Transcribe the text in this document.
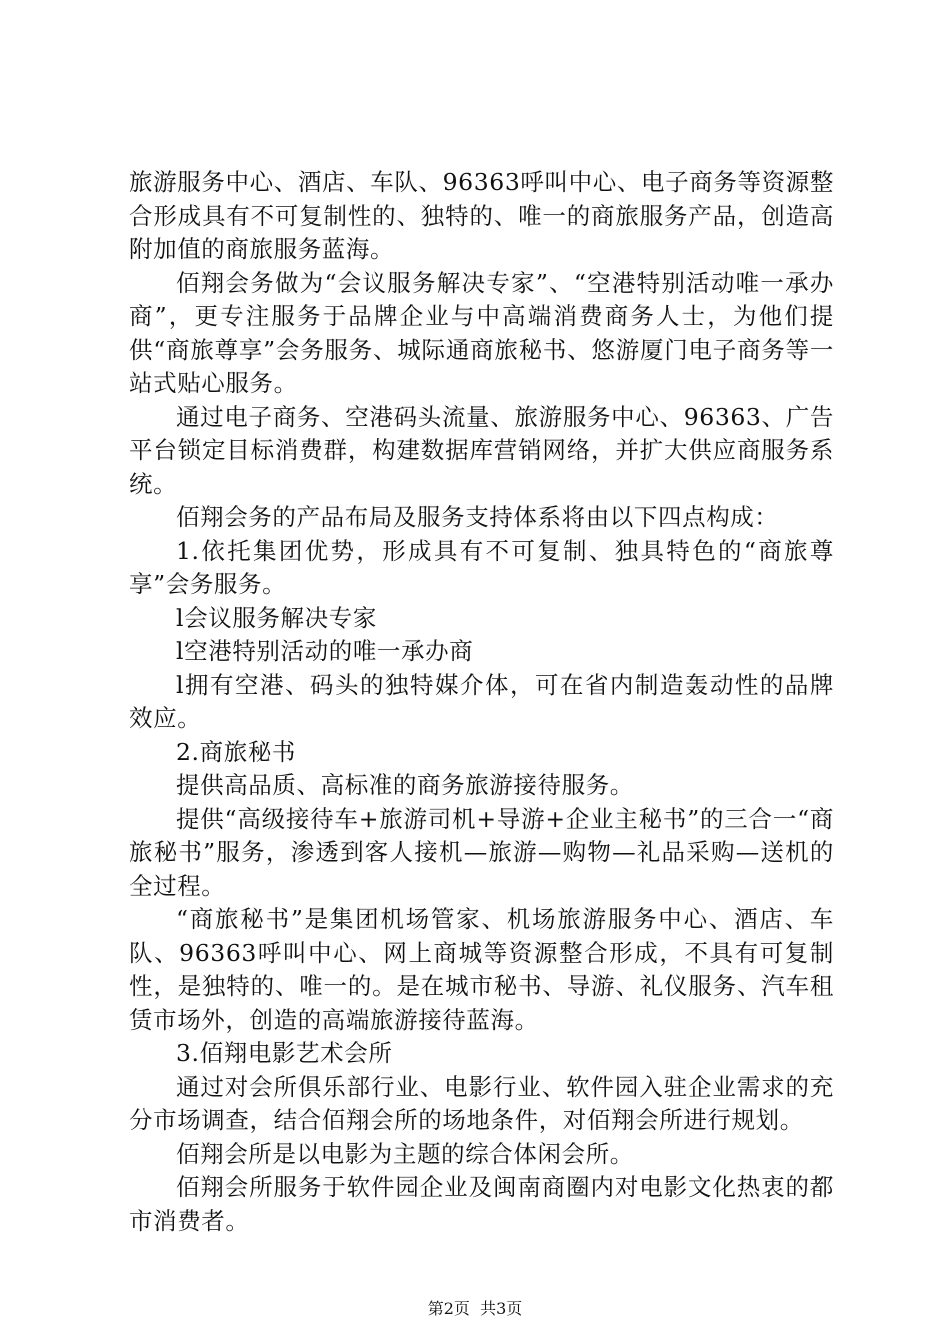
旅游服务中心、酒店、车队、96363呼叫中心、电子商务等资源整合形成具有不可复制性的、独特的、唯一的商旅服务产品，创造高附加值的商旅服务蓝海。

佰翔会务做为“会议服务解决专家”、“空港特别活动唯一承办商”，更专注服务于品牌企业与中高端消费商务人士，为他们提供“商旅尊享”会务服务、城际通商旅秘书、悠游厦门电子商务等一站式贴心服务。

通过电子商务、空港码头流量、旅游服务中心、96363、广告平台锁定目标消费群，构建数据库营销网络，并扩大供应商服务系统。

佰翔会务的产品布局及服务支持体系将由以下四点构成：

1.依托集团优势，形成具有不可复制、独具特色的“商旅尊享”会务服务。

l会议服务解决专家

l空港特别活动的唯一承办商

l拥有空港、码头的独特媒介体，可在省内制造轰动性的品牌效应。

2.商旅秘书

提供高品质、高标准的商务旅游接待服务。

提供“高级接待车+旅游司机+导游+企业主秘书”的三合一“商旅秘书”服务，渗透到客人接机—旅游—购物—礼品采购—送机的全过程。

“商旅秘书”是集团机场管家、机场旅游服务中心、酒店、车队、96363呼叫中心、网上商城等资源整合形成，不具有可复制性，是独特的、唯一的。是在城市秘书、导游、礼仪服务、汽车租赁市场外，创造的高端旅游接待蓝海。

3.佰翔电影艺术会所

通过对会所俱乐部行业、电影行业、软件园入驻企业需求的充分市场调查，结合佰翔会所的场地条件，对佰翔会所进行规划。

佰翔会所是以电影为主题的综合体闲会所。

佰翔会所服务于软件园企业及闽南商圈内对电影文化热衷的都市消费者。

第2页  共3页
